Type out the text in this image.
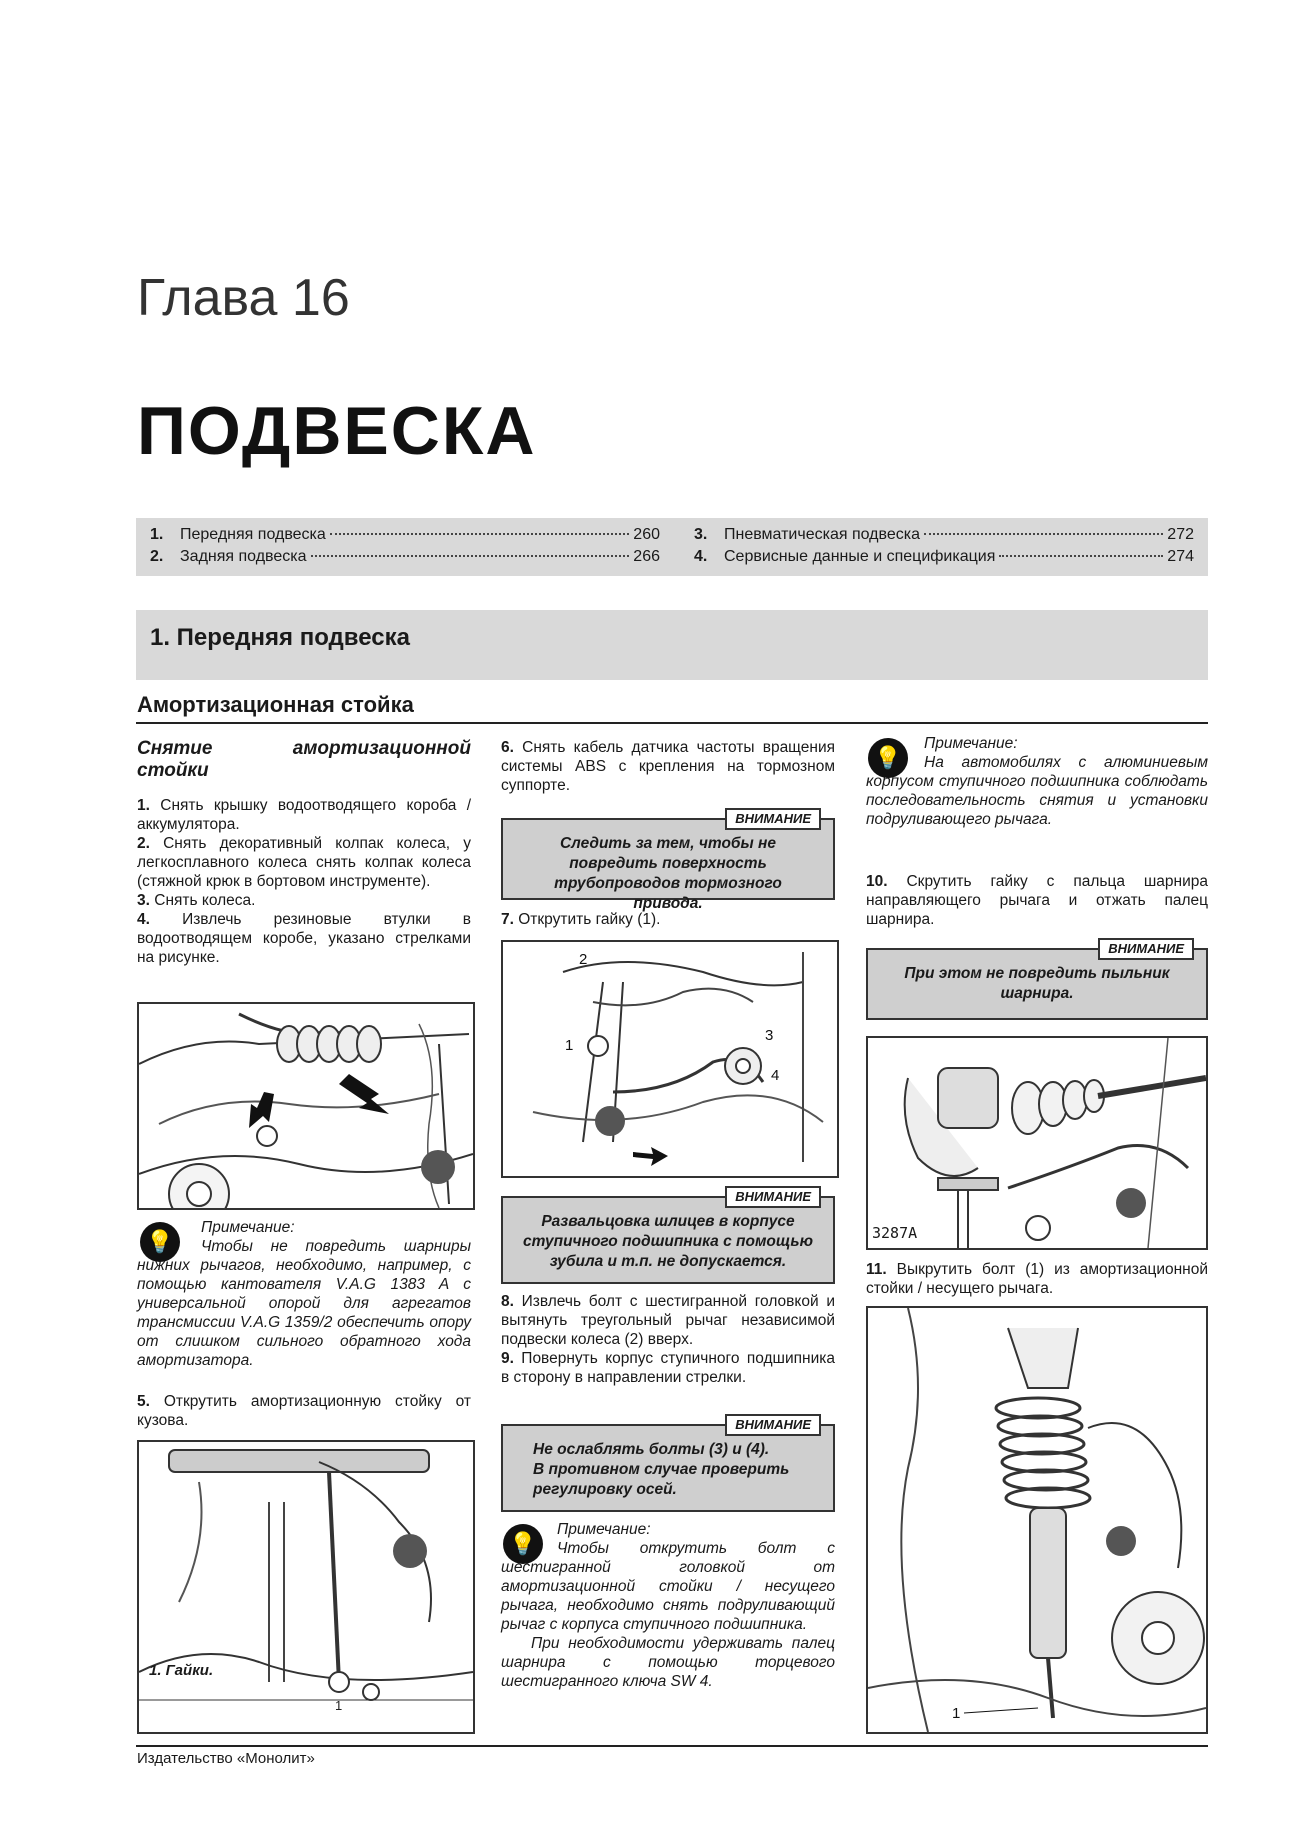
Глава 16
ПОДВЕСКА
1.	Передняя подвеска	260
2.	Задняя подвеска	266
3.	Пневматическая подвеска	272
4.	Сервисные данные и спецификация	274
1. Передняя подвеска
Амортизационная стойка

Снятие амортизационной стойки

1. Снять крышку водоотводящего короба / аккумулятора.

2. Снять декоративный колпак колеса, у легкосплавного колеса снять колпак колеса (стяжной крюк в бортовом инструменте).

3. Снять колеса.

4. Извлечь резиновые втулки в водоотводящем коробе, указано стрелками на рисунке.

💡
Примечание:
Чтобы не повредить шарниры нижних рычагов, необходимо, например, с помощью кантователя V.A.G 1383 A с универсальной опорой для агрегатов трансмиссии V.A.G 1359/2 обеспечить опору от слишком сильного обратного хода амортизатора.

5. Открутить амортизационную стойку от кузова.

1
1. Гайки.

6. Снять кабель датчика частоты вращения системы ABS с крепления на тормозном суппорте.

ВНИМАНИЕ
Следить за тем, чтобы не повредить поверхность трубопроводов тормозного привода.

7. Открутить гайку (1).

1
2
3
4
ВНИМАНИЕ
Развальцовка шлицев в корпусе ступичного подшипника с помощью зубила и т.п. не допускается.

8. Извлечь болт с шестигранной головкой и вытянуть треугольный рычаг независимой подвески колеса (2) вверх.

9. Повернуть корпус ступичного подшипника в сторону в направлении стрелки.

ВНИМАНИЕ
Не ослаблять болты (3) и (4).
В противном случае проверить регулировку осей.
💡
Примечание:
Чтобы открутить болт с шестигранной головкой от амортизационной стойки / несущего рычага, необходимо снять подруливающий рычаг с корпуса ступичного подшипника.
При необходимости удерживать палец шарнира с помощью торцевого шестигранного ключа SW 4.
💡
Примечание:
На автомобилях с алюминиевым корпусом ступичного подшипника соблюдать последовательность снятия и установки подруливающего рычага.

10. Скрутить гайку с пальца шарнира направляющего рычага и отжать палец шарнира.

ВНИМАНИЕ
При этом не повредить пыльник шарнира.
3287A

11. Выкрутить болт (1) из амортизационной стойки / несущего рычага.

1
Издательство «Монолит»
